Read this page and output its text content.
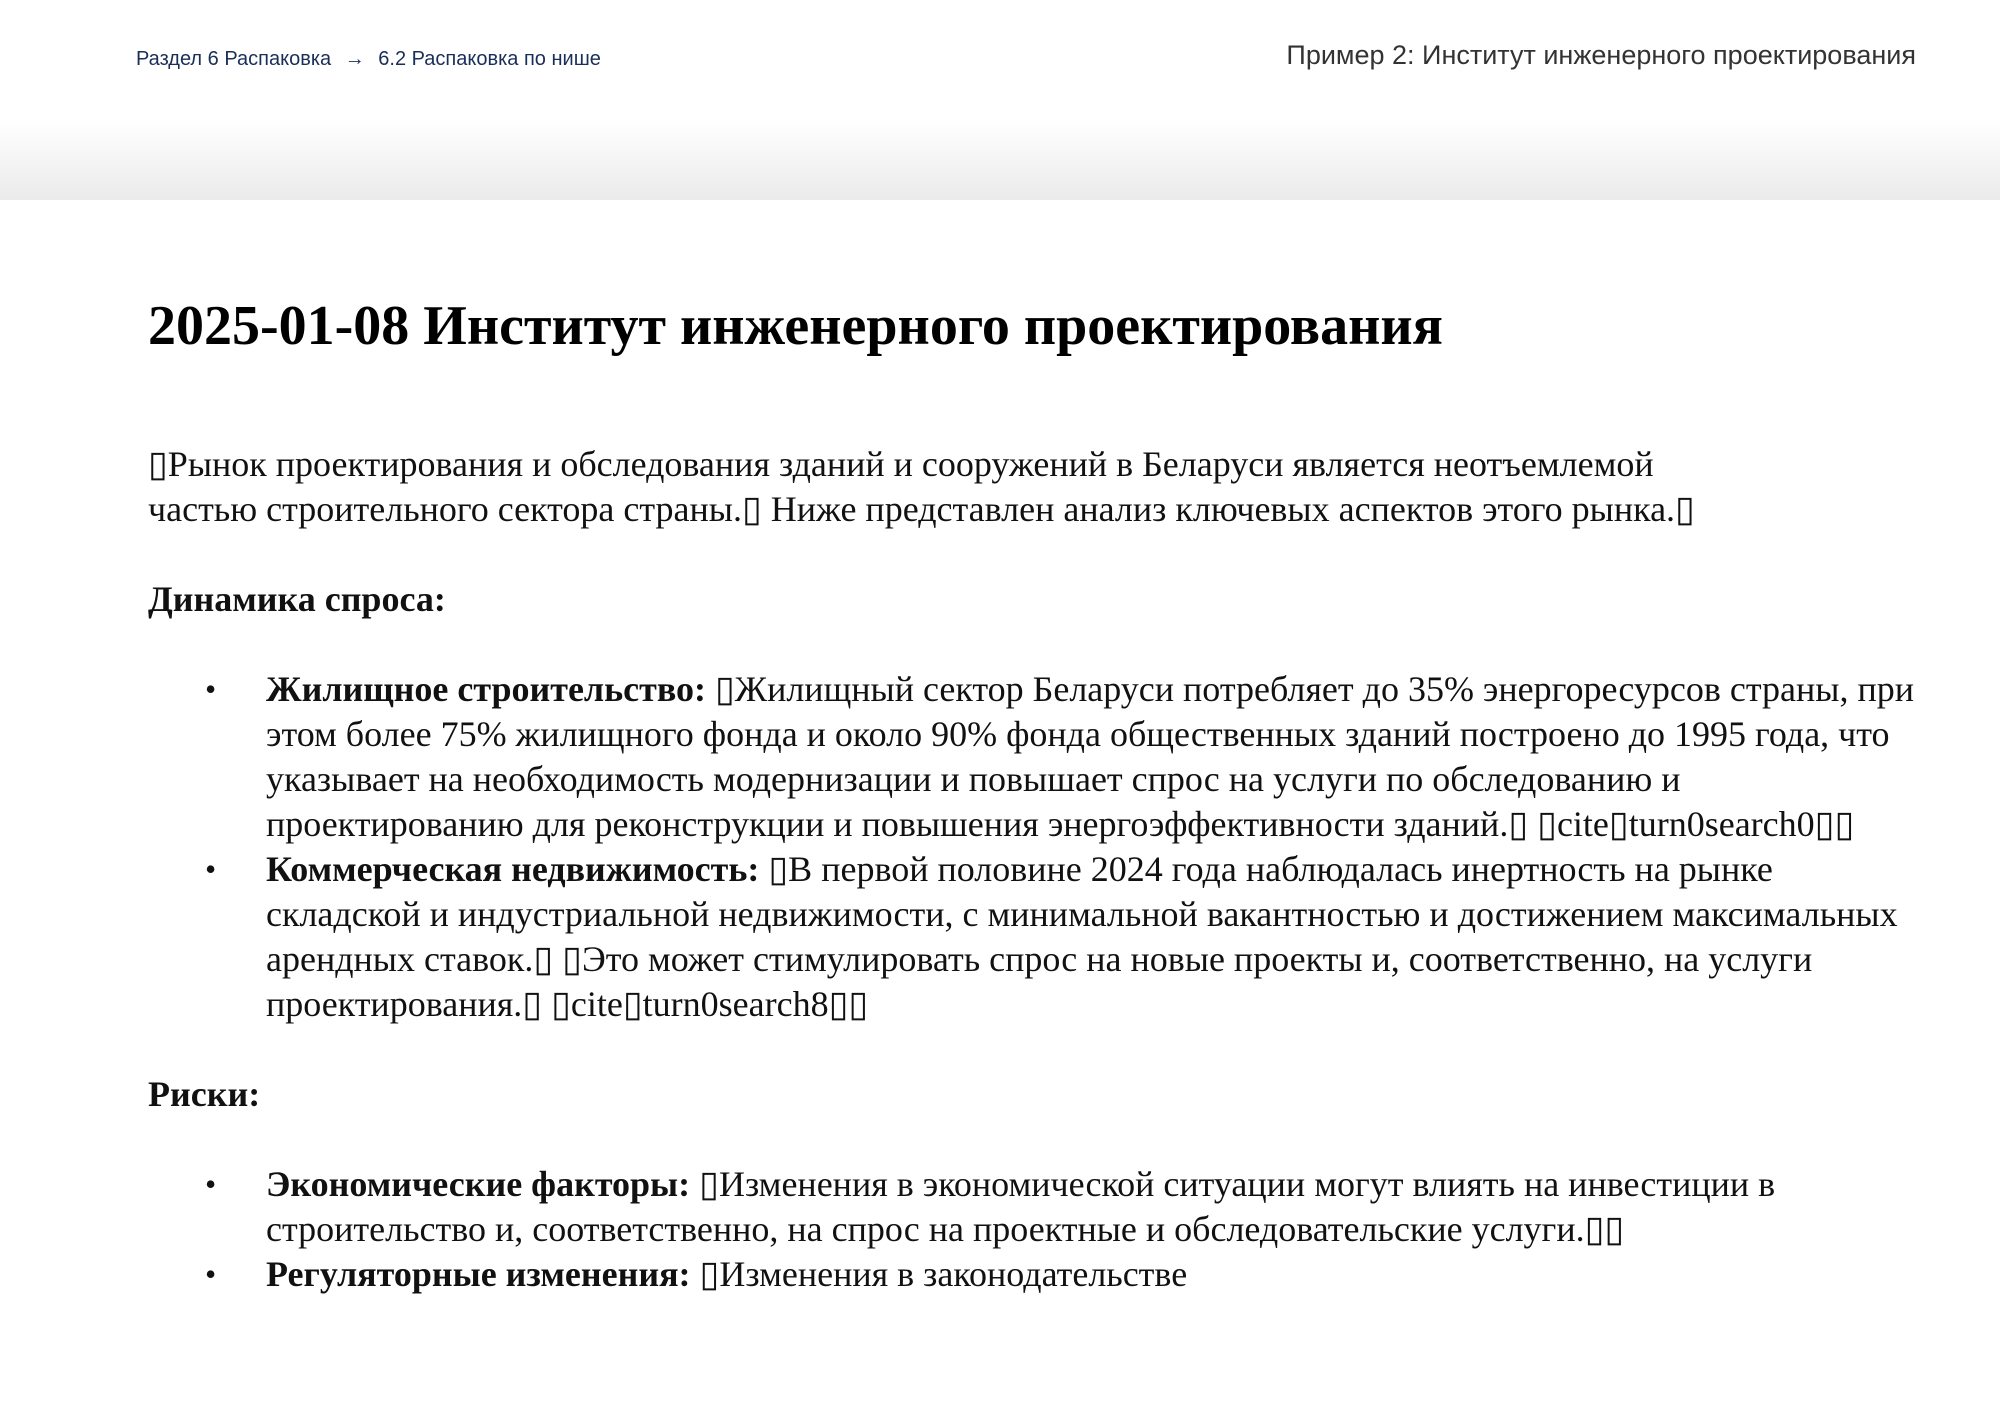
Раздел 6 Распаковка → 6.2 Распаковка по нише	Пример 2: Институт инженерного проектирования
2025-01-08 Институт инженерного проектирования

▯Рынок проектирования и обследования зданий и сооружений в Беларуси является неотъемлемой частью строительного сектора страны.▯ Ниже представлен анализ ключевых аспектов этого рынка.▯

Динамика спроса:
• Жилищное строительство: ▯Жилищный сектор Беларуси потребляет до 35% энергоресурсов страны, при этом более 75% жилищного фонда и около 90% фонда общественных зданий построено до 1995 года, что указывает на необходимость модернизации и повышает спрос на услуги по обследованию и проектированию для реконструкции и повышения энергоэффективности зданий.▯ ▯cite▯turn0search0▯▯
• Коммерческая недвижимость: ▯В первой половине 2024 года наблюдалась инертность на рынке складской и индустриальной недвижимости, с минимальной вакантностью и достижением максимальных арендных ставок.▯ ▯Это может стимулировать спрос на новые проекты и, соответственно, на услуги проектирования.▯ ▯cite▯turn0search8▯▯
Риски:
• Экономические факторы: ▯Изменения в экономической ситуации могут влиять на инвестиции в строительство и, соответственно, на спрос на проектные и обследовательские услуги.▯▯
• Регуляторные изменения: ▯Изменения в законодательстве
